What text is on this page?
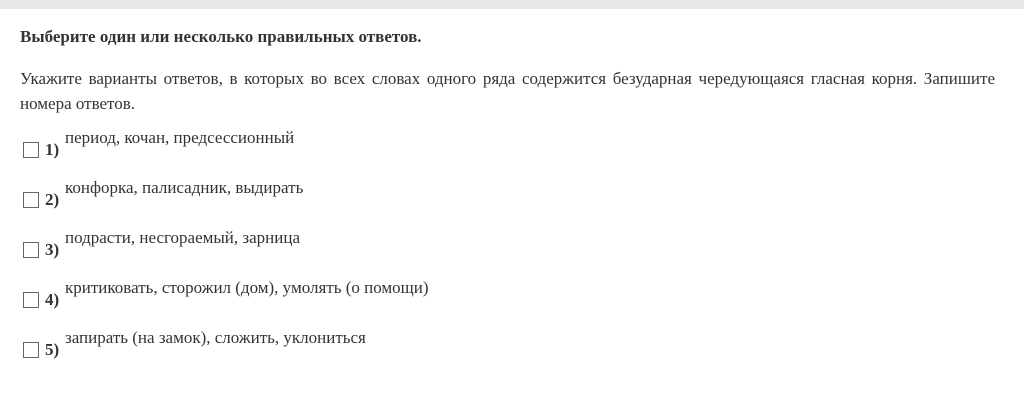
Выберите один или несколько правильных ответов.
Укажите варианты ответов, в которых во всех словах одного ряда содержится безударная чередующаяся гласная корня. Запишите номера ответов.
1)
период, кочан, предсессионный
2)
конфорка, палисадник, выдирать
3)
подрасти, несгораемый, зарница
4)
критиковать, сторожил (дом), умолять (о помощи)
5)
запирать (на замок), сложить, уклониться
